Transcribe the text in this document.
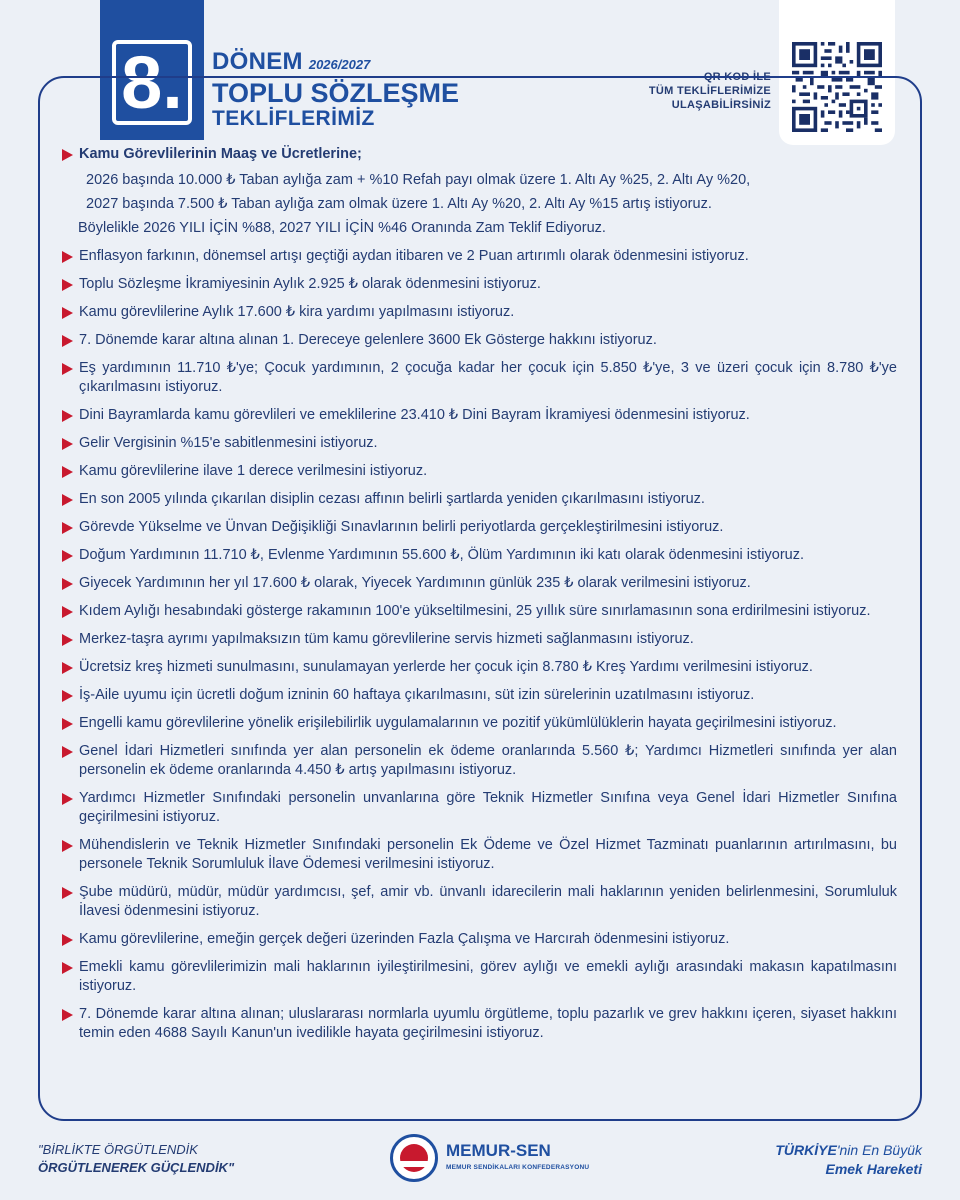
8.	DÖNEM 2026/2027
TOPLU SÖZLEŞME
TEKLİFLERİMİZ
QR KOD İLE
TÜM TEKLİFLERİMİZE
ULAŞABİLİRSİNİZ
Kamu Görevlilerinin Maaş ve Ücretlerine;
2026 başında 10.000 ₺ Taban aylığa zam + %10 Refah payı olmak üzere 1. Altı Ay %25, 2. Altı Ay %20,
2027 başında 7.500 ₺ Taban aylığa zam olmak üzere 1. Altı Ay %20, 2. Altı Ay %15 artış istiyoruz.
Böylelikle 2026 YILI İÇİN %88, 2027 YILI İÇİN %46 Oranında Zam Teklif Ediyoruz.
Enflasyon farkının, dönemsel artışı geçtiği aydan itibaren ve 2 Puan artırımlı olarak ödenmesini istiyoruz.
Toplu Sözleşme İkramiyesinin Aylık 2.925 ₺ olarak ödenmesini istiyoruz.
Kamu görevlilerine Aylık 17.600 ₺ kira yardımı yapılmasını istiyoruz.
7. Dönemde karar altına alınan 1. Dereceye gelenlere 3600 Ek Gösterge hakkını istiyoruz.
Eş yardımının 11.710 ₺'ye; Çocuk yardımının, 2 çocuğa kadar her çocuk için 5.850 ₺'ye, 3 ve üzeri çocuk için 8.780 ₺'ye çıkarılmasını istiyoruz.
Dini Bayramlarda kamu görevlileri ve emeklilerine 23.410 ₺ Dini Bayram İkramiyesi ödenmesini istiyoruz.
Gelir Vergisinin %15'e sabitlenmesini istiyoruz.
Kamu görevlilerine ilave 1 derece verilmesini istiyoruz.
En son 2005 yılında çıkarılan disiplin cezası affının belirli şartlarda yeniden çıkarılmasını istiyoruz.
Görevde Yükselme ve Ünvan Değişikliği Sınavlarının belirli periyotlarda gerçekleştirilmesini istiyoruz.
Doğum Yardımının 11.710 ₺, Evlenme Yardımının 55.600 ₺, Ölüm Yardımının iki katı olarak ödenmesini istiyoruz.
Giyecek Yardımının her yıl 17.600 ₺ olarak, Yiyecek Yardımının günlük 235 ₺ olarak verilmesini istiyoruz.
Kıdem Aylığı hesabındaki gösterge rakamının 100'e yükseltilmesini, 25 yıllık süre sınırlamasının sona erdirilmesini istiyoruz.
Merkez-taşra ayrımı yapılmaksızın tüm kamu görevlilerine servis hizmeti sağlanmasını istiyoruz.
Ücretsiz kreş hizmeti sunulmasını, sunulamayan yerlerde her çocuk için 8.780 ₺ Kreş Yardımı verilmesini istiyoruz.
İş-Aile uyumu için ücretli doğum izninin 60 haftaya çıkarılmasını, süt izin sürelerinin uzatılmasını istiyoruz.
Engelli kamu görevlilerine yönelik erişilebilirlik uygulamalarının ve pozitif yükümlülüklerin hayata geçirilmesini istiyoruz.
Genel İdari Hizmetleri sınıfında yer alan personelin ek ödeme oranlarında 5.560 ₺; Yardımcı Hizmetleri sınıfında yer alan personelin ek ödeme oranlarında 4.450 ₺ artış yapılmasını istiyoruz.
Yardımcı Hizmetler Sınıfındaki personelin unvanlarına göre Teknik Hizmetler Sınıfına veya Genel İdari Hizmetler Sınıfına geçirilmesini istiyoruz.
Mühendislerin ve Teknik Hizmetler Sınıfındaki personelin Ek Ödeme ve Özel Hizmet Tazminatı puanlarının artırılmasını, bu personele Teknik Sorumluluk İlave Ödemesi verilmesini istiyoruz.
Şube müdürü, müdür, müdür yardımcısı, şef, amir vb. ünvanlı idarecilerin mali haklarının yeniden belirlenmesini, Sorumluluk İlavesi ödenmesini istiyoruz.
Kamu görevlilerine, emeğin gerçek değeri üzerinden Fazla Çalışma ve Harcırah ödenmesini istiyoruz.
Emekli kamu görevlilerimizin mali haklarının iyileştirilmesini, görev aylığı ve emekli aylığı arasındaki makasın kapatılmasını istiyoruz.
7. Dönemde karar altına alınan; uluslararası normlarla uyumlu örgütleme, toplu pazarlık ve grev hakkını içeren, siyaset hakkını temin eden 4688 Sayılı Kanun'un ivedilikle hayata geçirilmesini istiyoruz.
"BİRLİKTE ÖRGÜTLENDİK
ÖRGÜTLENEREK GÜÇLENDİK"
MEMUR-SEN
MEMUR SENDİKALARI KONFEDERASYONU
TÜRKİYE'nin En Büyük
Emek Hareketi
